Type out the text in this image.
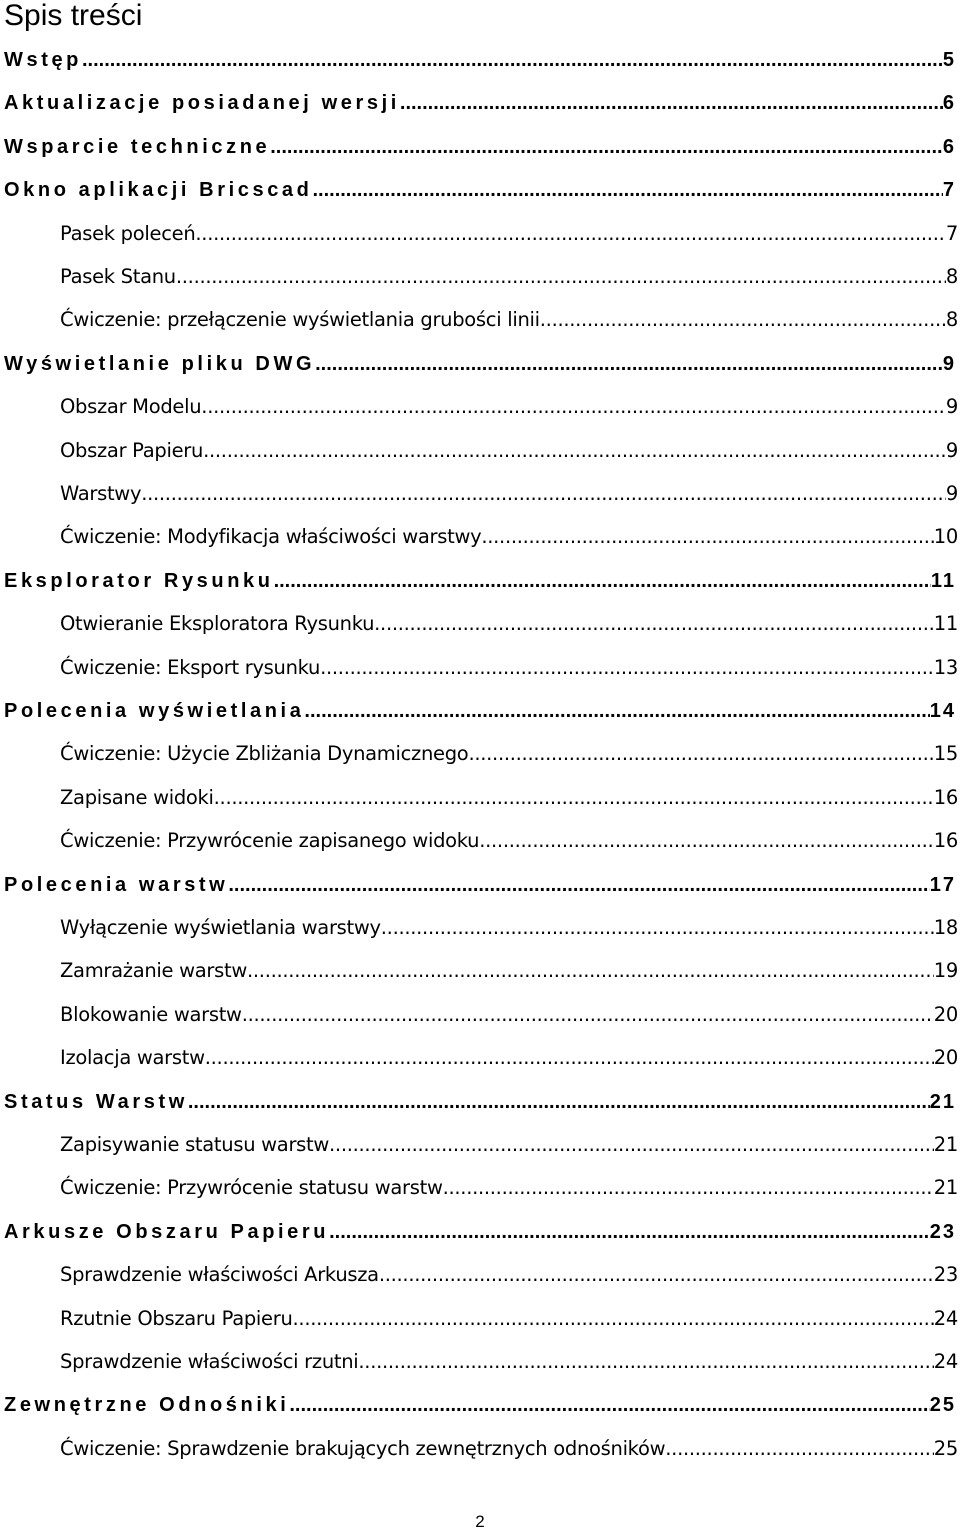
Spis treści
Wstęp .....	5
Aktualizacje posiadanej wersji .....	6
Wsparcie techniczne .....	6
Okno aplikacji Bricscad .....	7
Pasek poleceń .....	7
Pasek Stanu .....	8
Ćwiczenie: przełączenie wyświetlania grubości linii .....	8
Wyświetlanie pliku DWG .....	9
Obszar Modelu .....	9
Obszar Papieru .....	9
Warstwy .....	9
Ćwiczenie: Modyfikacja właściwości warstwy .....	10
Eksplorator Rysunku .....	11
Otwieranie Eksploratora Rysunku .....	11
Ćwiczenie: Eksport rysunku .....	13
Polecenia wyświetlania .....	14
Ćwiczenie: Użycie Zbliżania Dynamicznego .....	15
Zapisane widoki .....	16
Ćwiczenie: Przywrócenie zapisanego widoku .....	16
Polecenia warstw .....	17
Wyłączenie wyświetlania warstwy .....	18
Zamrażanie warstw .....	19
Blokowanie warstw .....	20
Izolacja warstw .....	20
Status Warstw .....	21
Zapisywanie statusu warstw .....	21
Ćwiczenie: Przywrócenie statusu warstw .....	21
Arkusze Obszaru Papieru .....	23
Sprawdzenie właściwości Arkusza .....	23
Rzutnie Obszaru Papieru .....	24
Sprawdzenie właściwości rzutni .....	24
Zewnętrzne Odnośniki .....	25
Ćwiczenie: Sprawdzenie brakujących zewnętrznych odnośników .....	25
2
